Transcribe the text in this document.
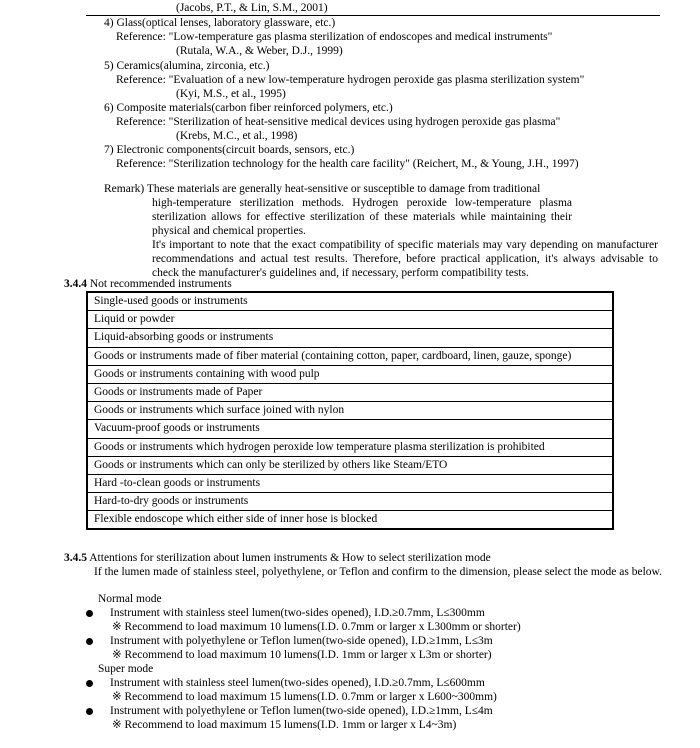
(Jacobs, P.T., & Lin, S.M., 2001)
4) Glass(optical lenses, laboratory glassware, etc.)
Reference: "Low-temperature gas plasma sterilization of endoscopes and medical instruments"
(Rutala, W.A., & Weber, D.J., 1999)
5) Ceramics(alumina, zirconia, etc.)
Reference: "Evaluation of a new low-temperature hydrogen peroxide gas plasma sterilization system"
(Kyi, M.S., et al., 1995)
6) Composite materials(carbon fiber reinforced polymers, etc.)
Reference: "Sterilization of heat-sensitive medical devices using hydrogen peroxide gas plasma"
(Krebs, M.C., et al., 1998)
7) Electronic components(circuit boards, sensors, etc.)
Reference: "Sterilization technology for the health care facility" (Reichert, M., & Young, J.H., 1997)
Remark) These materials are generally heat-sensitive or susceptible to damage from traditional
high-temperature sterilization methods. Hydrogen peroxide low-temperature plasma sterilization allows for effective sterilization of these materials while maintaining their physical and chemical properties.
It's important to note that the exact compatibility of specific materials may vary depending on manufacturer recommendations and actual test results. Therefore, before practical application, it's always advisable to check the manufacturer's guidelines and, if necessary, perform compatibility tests.
3.4.4 Not recommended instruments
Single-used goods or instruments
Liquid or powder
Liquid-absorbing goods or instruments
Goods or instruments made of fiber material (containing cotton, paper, cardboard, linen, gauze, sponge)
Goods or instruments containing with wood pulp
Goods or instruments made of Paper
Goods or instruments which surface joined with nylon
Vacuum-proof goods or instruments
Goods or instruments which hydrogen peroxide low temperature plasma sterilization is prohibited
Goods or instruments which can only be sterilized by others like Steam/ETO
Hard -to-clean goods or instruments
Hard-to-dry goods or instruments
Flexible endoscope which either side of inner hose is blocked
3.4.5 Attentions for sterilization about lumen instruments & How to select sterilization mode
If the lumen made of stainless steel, polyethylene, or Teflon and confirm to the dimension, please select the mode as below.
Normal mode
Instrument with stainless steel lumen(two-sides opened), I.D.≥0.7mm, L≤300mm
※ Recommend to load maximum 10 lumens(I.D. 0.7mm or larger x L300mm or shorter)
Instrument with polyethylene or Teflon lumen(two-side opened), I.D.≥1mm, L≤3m
※ Recommend to load maximum 10 lumens(I.D. 1mm or larger x L3m or shorter)
Super mode
Instrument with stainless steel lumen(two-sides opened), I.D.≥0.7mm, L≤600mm
※ Recommend to load maximum 15 lumens(I.D. 0.7mm or larger x L600~300mm)
Instrument with polyethylene or Teflon lumen(two-side opened), I.D.≥1mm, L≤4m
※ Recommend to load maximum 15 lumens(I.D. 1mm or larger x L4~3m)
